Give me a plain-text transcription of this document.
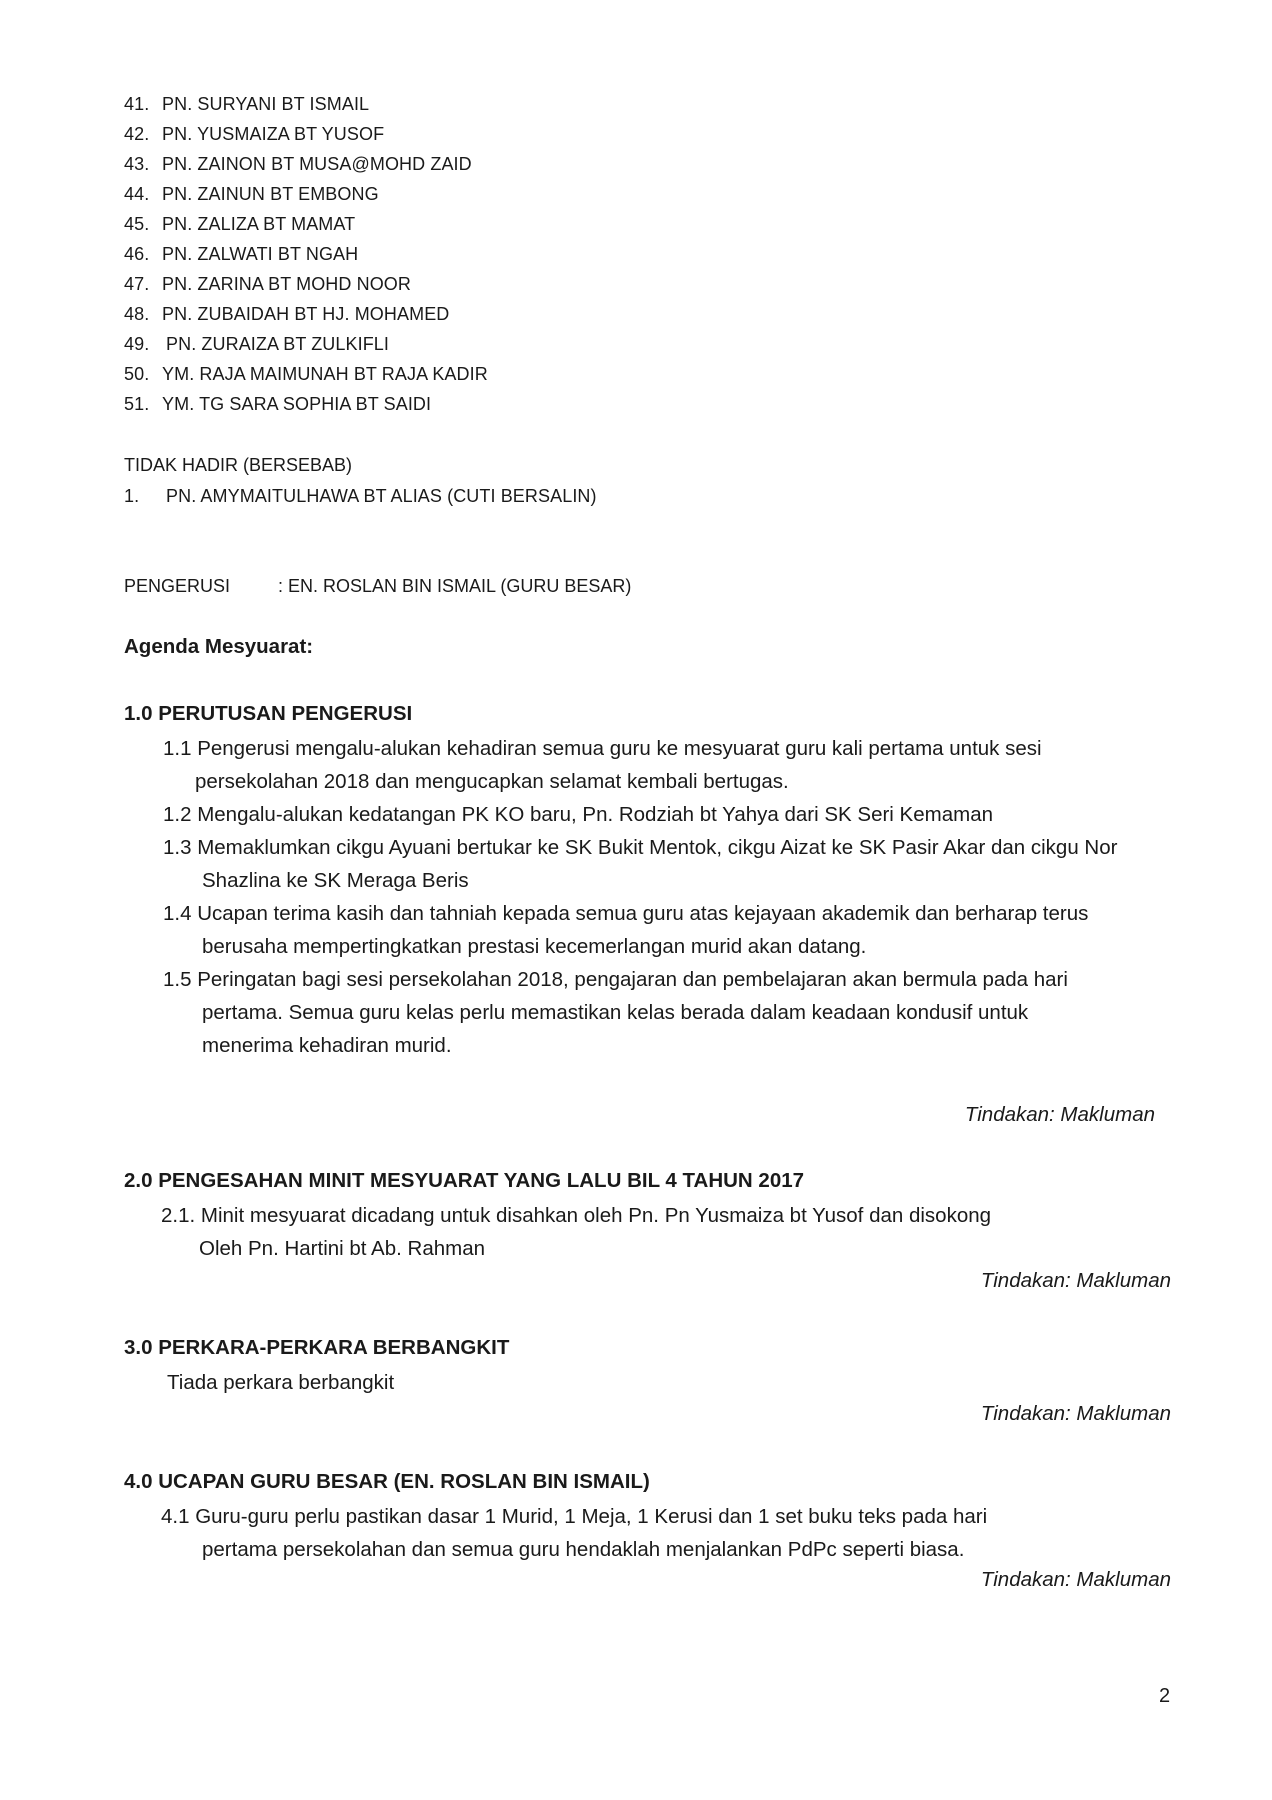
41. PN. SURYANI BT ISMAIL
42. PN. YUSMAIZA BT YUSOF
43. PN. ZAINON BT MUSA@MOHD ZAID
44. PN. ZAINUN BT EMBONG
45. PN. ZALIZA BT MAMAT
46. PN. ZALWATI BT NGAH
47. PN. ZARINA BT MOHD NOOR
48. PN. ZUBAIDAH BT HJ. MOHAMED
49. PN. ZURAIZA BT ZULKIFLI
50. YM. RAJA MAIMUNAH BT RAJA KADIR
51. YM. TG SARA SOPHIA BT SAIDI
TIDAK HADIR (BERSEBAB)
1. PN. AMYMAITULHAWA BT ALIAS (CUTI BERSALIN)
PENGERUSI	: EN. ROSLAN BIN ISMAIL (GURU BESAR)
Agenda Mesyuarat:
1.0 PERUTUSAN PENGERUSI
1.1 Pengerusi mengalu-alukan kehadiran semua guru ke mesyuarat guru kali pertama untuk sesi
persekolahan 2018 dan mengucapkan selamat kembali bertugas.
1.2 Mengalu-alukan kedatangan PK KO baru, Pn. Rodziah bt Yahya dari SK Seri Kemaman
1.3 Memaklumkan cikgu Ayuani bertukar ke SK Bukit Mentok, cikgu Aizat ke SK Pasir Akar dan cikgu Nor
Shazlina ke SK Meraga Beris
1.4 Ucapan terima kasih dan tahniah kepada semua guru atas kejayaan akademik dan berharap terus
berusaha mempertingkatkan prestasi kecemerlangan murid akan datang.
1.5 Peringatan bagi sesi persekolahan 2018, pengajaran dan pembelajaran akan bermula pada hari
pertama. Semua guru kelas perlu memastikan kelas berada dalam keadaan kondusif untuk
menerima kehadiran murid.
Tindakan: Makluman
2.0 PENGESAHAN MINIT MESYUARAT YANG LALU BIL 4 TAHUN 2017
2.1. Minit mesyuarat dicadang untuk disahkan oleh Pn. Pn Yusmaiza bt Yusof dan disokong
Oleh Pn. Hartini bt Ab. Rahman
Tindakan: Makluman
3.0 PERKARA-PERKARA BERBANGKIT
Tiada perkara berbangkit
Tindakan: Makluman
4.0 UCAPAN GURU BESAR (EN. ROSLAN BIN ISMAIL)
4.1 Guru-guru perlu pastikan dasar 1 Murid, 1 Meja, 1 Kerusi dan 1 set buku teks pada hari
pertama persekolahan dan semua guru hendaklah menjalankan PdPc seperti biasa.
Tindakan: Makluman
2
